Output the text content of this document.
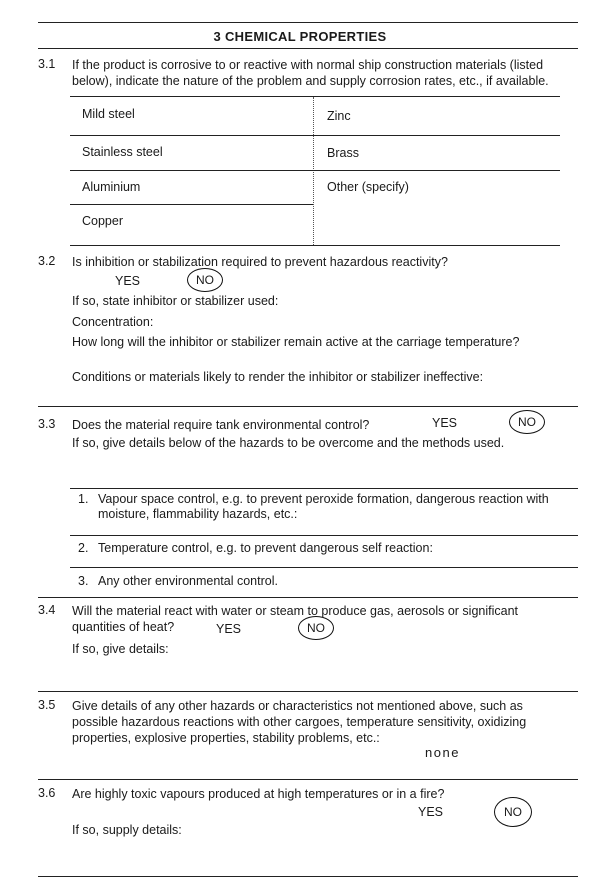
3 CHEMICAL PROPERTIES
3.1 If the product is corrosive to or reactive with normal ship construction materials (listed below), indicate the nature of the problem and supply corrosion rates, etc., if available.
Mild steel	Zinc
Stainless steel	Brass
Aluminium	Other (specify)
Copper
3.2 Is inhibition or stabilization required to prevent hazardous reactivity?
YES	NO
If so, state inhibitor or stabilizer used:
Concentration:
How long will the inhibitor or stabilizer remain active at the carriage temperature?
Conditions or materials likely to render the inhibitor or stabilizer ineffective:
3.3 Does the material require tank environmental control?	YES	NO
If so, give details below of the hazards to be overcome and the methods used.
1. Vapour space control, e.g. to prevent peroxide formation, dangerous reaction with moisture, flammability hazards, etc.:
2. Temperature control, e.g. to prevent dangerous self reaction:
3. Any other environmental control.
3.4 Will the material react with water or steam to produce gas, aerosols or significant quantities of heat?	YES	NO
If so, give details:
3.5 Give details of any other hazards or characteristics not mentioned above, such as possible hazardous reactions with other cargoes, temperature sensitivity, oxidizing properties, explosive properties, stability problems, etc.:
none
3.6 Are highly toxic vapours produced at high temperatures or in a fire?
YES	NO
If so, supply details:
